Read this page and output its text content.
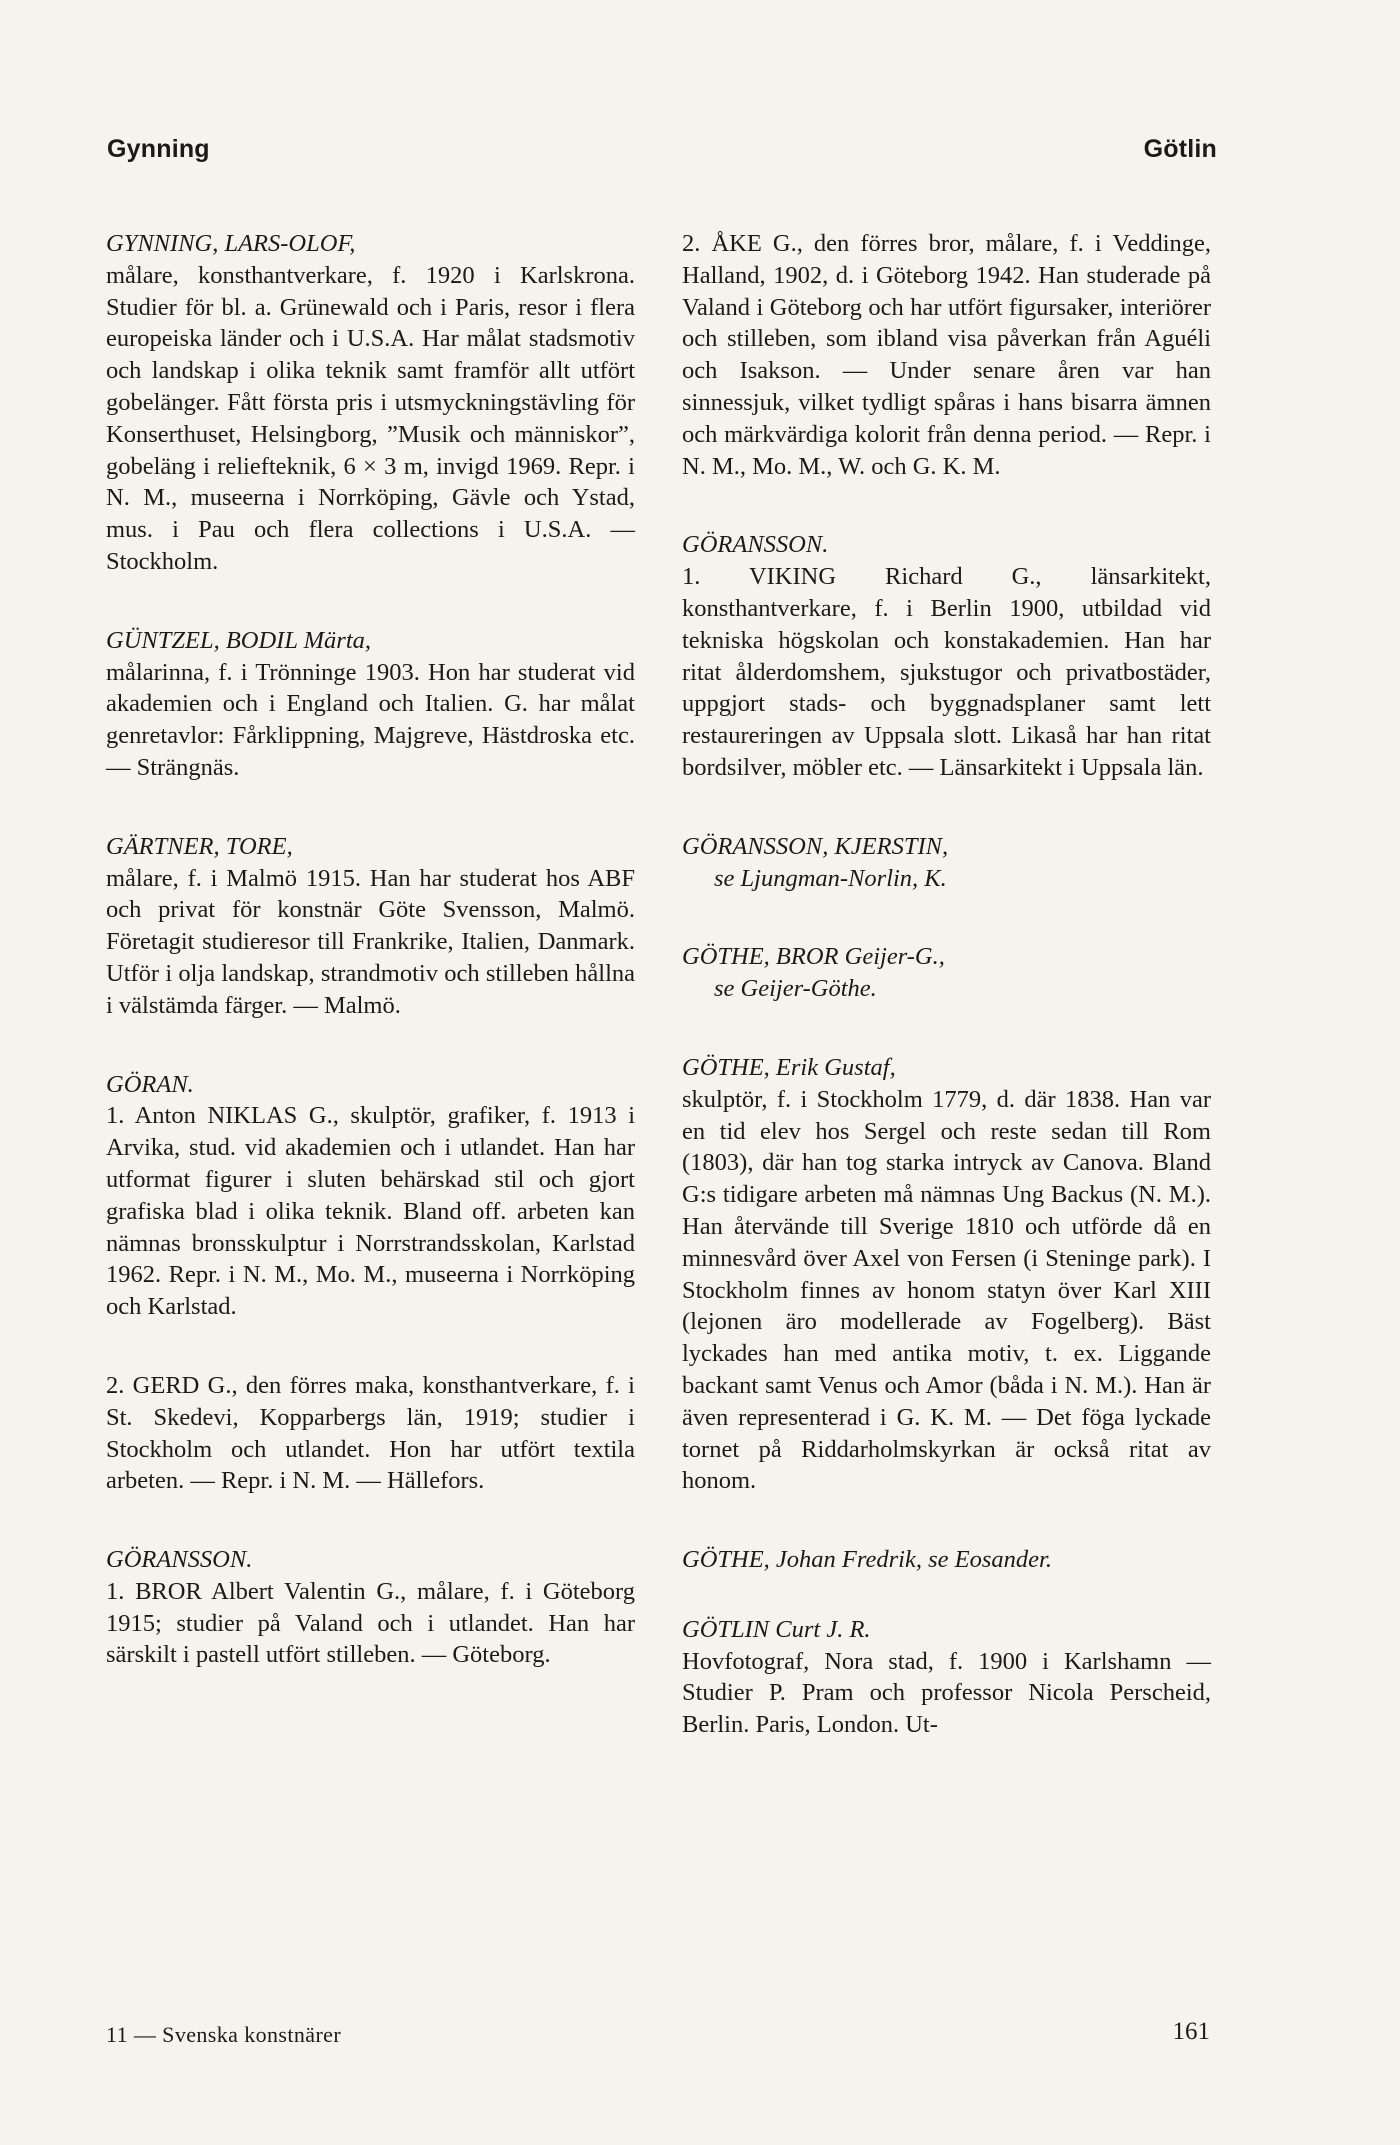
Gynning	Götlin

GYNNING, LARS-OLOF,

målare, konsthantverkare, f. 1920 i Karlskrona. Studier för bl. a. Grünewald och i Paris, resor i flera europeiska länder och i U.S.A. Har målat stadsmotiv och landskap i olika teknik samt framför allt utfört gobelänger. Fått första pris i utsmyckningstävling för Konserthuset, Helsingborg, ”Musik och människor”, gobeläng i reliefteknik, 6 × 3 m, invigd 1969. Repr. i N. M., museerna i Norrköping, Gävle och Ystad, mus. i Pau och flera collections i U.S.A. — Stockholm.

GÜNTZEL, BODIL Märta,

målarinna, f. i Trönninge 1903. Hon har studerat vid akademien och i England och Italien. G. har målat genretavlor: Fårklippning, Majgreve, Hästdroska etc. — Strängnäs.

GÄRTNER, TORE,

målare, f. i Malmö 1915. Han har studerat hos ABF och privat för konstnär Göte Svensson, Malmö. Företagit studieresor till Frankrike, Italien, Danmark. Utför i olja landskap, strandmotiv och stilleben hållna i välstämda färger. — Malmö.

GÖRAN.

1. Anton NIKLAS G., skulptör, grafiker, f. 1913 i Arvika, stud. vid akademien och i utlandet. Han har utformat figurer i sluten behärskad stil och gjort grafiska blad i olika teknik. Bland off. arbeten kan nämnas bronsskulptur i Norrstrandsskolan, Karlstad 1962. Repr. i N. M., Mo. M., museerna i Norrköping och Karlstad.

2. GERD G., den förres maka, konsthantverkare, f. i St. Skedevi, Kopparbergs län, 1919; studier i Stockholm och utlandet. Hon har utfört textila arbeten. — Repr. i N. M. — Hällefors.

GÖRANSSON.

1. BROR Albert Valentin G., målare, f. i Göteborg 1915; studier på Valand och i utlandet. Han har särskilt i pastell utfört stilleben. — Göteborg.

2. ÅKE G., den förres bror, målare, f. i Veddinge, Halland, 1902, d. i Göteborg 1942. Han studerade på Valand i Göteborg och har utfört figursaker, interiörer och stilleben, som ibland visa påverkan från Aguéli och Isakson. — Under senare åren var han sinnessjuk, vilket tydligt spåras i hans bisarra ämnen och märkvärdiga kolorit från denna period. — Repr. i N. M., Mo. M., W. och G. K. M.

GÖRANSSON.

1. VIKING Richard G., länsarkitekt, konsthantverkare, f. i Berlin 1900, utbildad vid tekniska högskolan och konstakademien. Han har ritat ålderdomshem, sjukstugor och privatbostäder, uppgjort stads- och byggnadsplaner samt lett restaureringen av Uppsala slott. Likaså har han ritat bordsilver, möbler etc. — Länsarkitekt i Uppsala län.

GÖRANSSON, KJERSTIN,

se Ljungman-Norlin, K.

GÖTHE, BROR Geijer-G.,

se Geijer-Göthe.

GÖTHE, Erik Gustaf,

skulptör, f. i Stockholm 1779, d. där 1838. Han var en tid elev hos Sergel och reste sedan till Rom (1803), där han tog starka intryck av Canova. Bland G:s tidigare arbeten må nämnas Ung Backus (N. M.). Han återvände till Sverige 1810 och utförde då en minnesvård över Axel von Fersen (i Steninge park). I Stockholm finnes av honom statyn över Karl XIII (lejonen äro modellerade av Fogelberg). Bäst lyckades han med antika motiv, t. ex. Liggande backant samt Venus och Amor (båda i N. M.). Han är även representerad i G. K. M. — Det föga lyckade tornet på Riddarholmskyrkan är också ritat av honom.

GÖTHE, Johan Fredrik, se Eosander.

GÖTLIN Curt J. R.

Hovfotograf, Nora stad, f. 1900 i Karlshamn — Studier P. Pram och professor Nicola Perscheid, Berlin. Paris, London. Ut-

11 — Svenska konstnärer	161
